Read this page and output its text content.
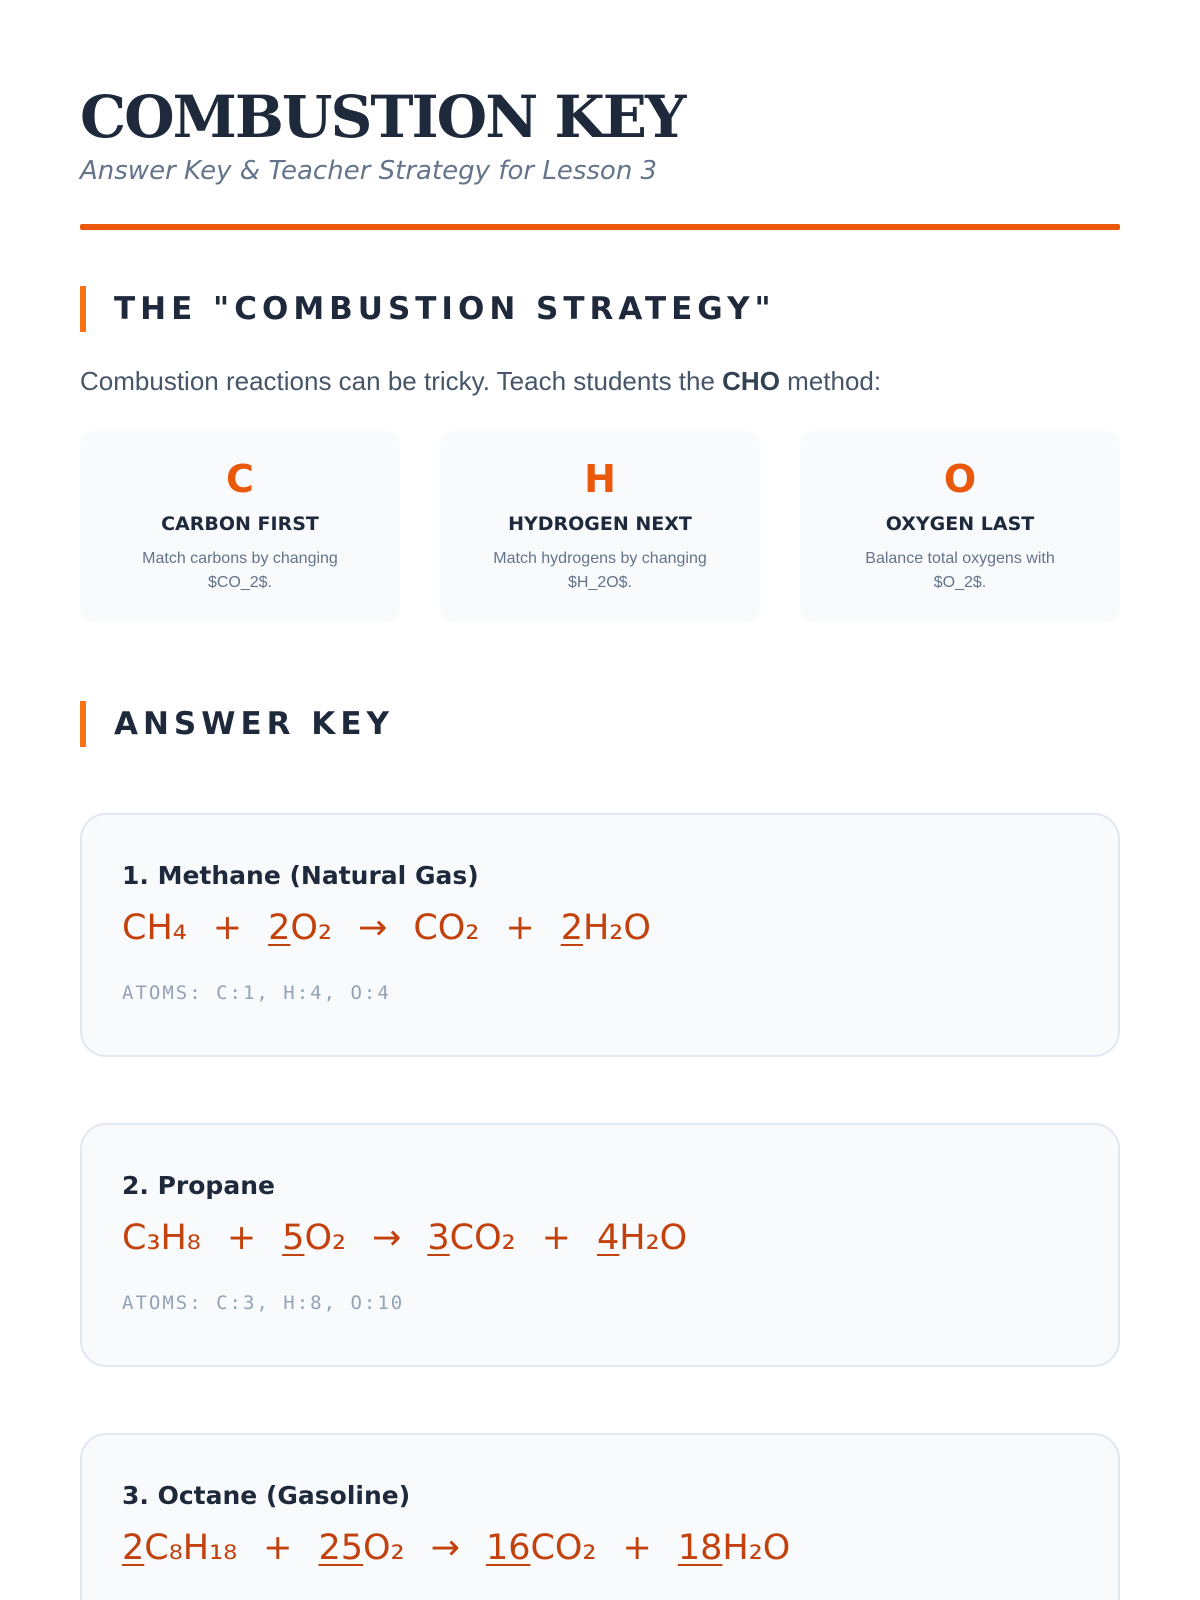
COMBUSTION KEY
Answer Key & Teacher Strategy for Lesson 3
THE "COMBUSTION STRATEGY"
Combustion reactions can be tricky. Teach students the CHO method:
C
CARBON FIRST
Match carbons by changing $CO_2$.
H
HYDROGEN NEXT
Match hydrogens by changing $H_2O$.
O
OXYGEN LAST
Balance total oxygens with $O_2$.
ANSWER KEY
1. Methane (Natural Gas)
CH₄ + 2O₂ → CO₂ + 2H₂O
ATOMS: C:1, H:4, O:4
2. Propane
C₃H₈ + 5O₂ → 3CO₂ + 4H₂O
ATOMS: C:3, H:8, O:10
3. Octane (Gasoline)
2C₈H₁₈ + 25O₂ → 16CO₂ + 18H₂O
